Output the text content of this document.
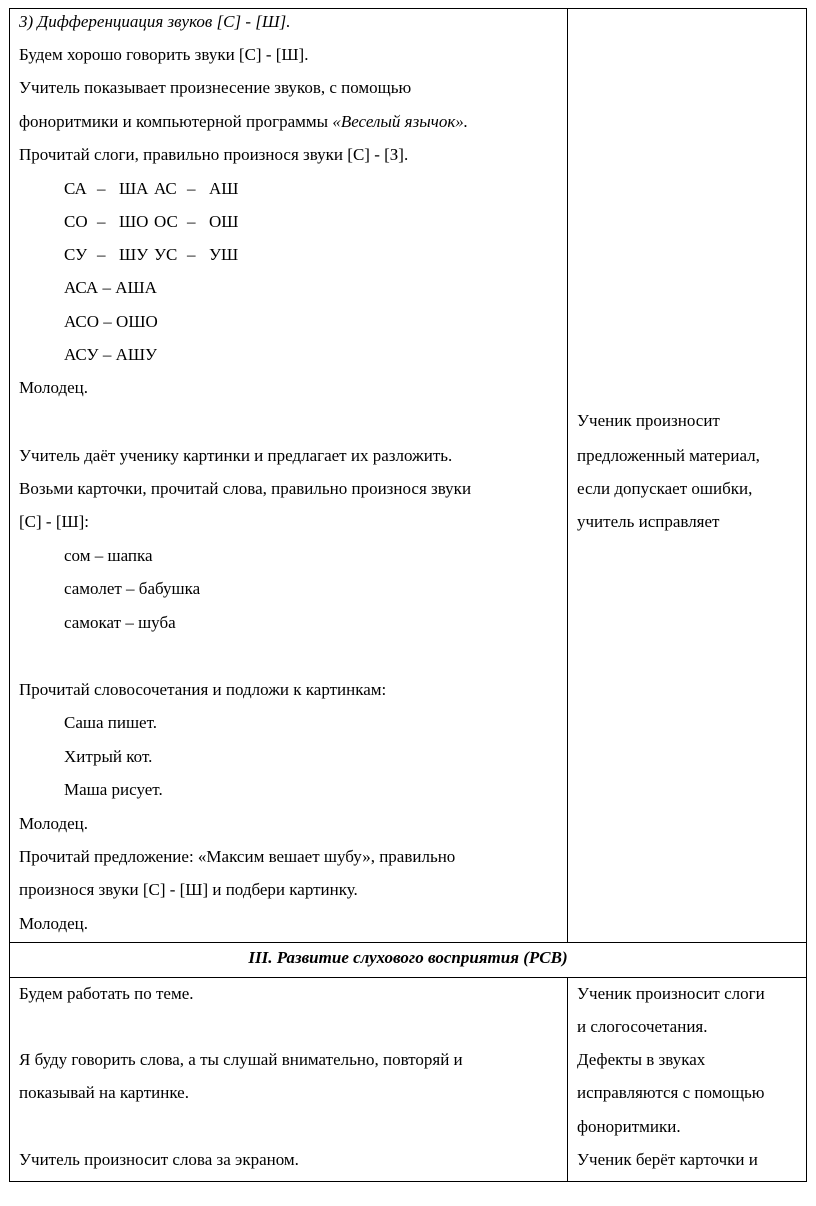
3) Дифференциация звуков [С] - [Ш].
Будем хорошо говорить звуки [С] - [Ш].
Учитель показывает произнесение звуков, с помощью
фоноритмики и компьютерной программы «Веселый язычок».
Прочитай слоги, правильно произнося звуки [С] - [З].
СА – ША АС – АШ
СО – ШО ОС – ОШ
СУ – ШУ УС – УШ
АСА – АША
АСО – ОШО
АСУ – АШУ
Молодец.
Учитель даёт ученику картинки и предлагает их разложить.
Возьми карточки, прочитай слова, правильно произнося звуки
[С] - [Ш]:
сом – шапка
самолет – бабушка
самокат – шуба
Прочитай словосочетания и подложи к картинкам:
Саша пишет.
Хитрый кот.
Маша рисует.
Молодец.
Прочитай предложение: «Максим вешает шубу», правильно
произнося звуки [С] - [Ш] и подбери картинку.
Молодец.
Ученик произносит
предложенный материал,
если допускает ошибки,
учитель исправляет
III. Развитие слухового восприятия (РСВ)
Будем работать по теме.
Я буду говорить слова, а ты слушай внимательно, повторяй и
показывай на картинке.
Учитель произносит слова за экраном.
Ученик произносит слоги
и слогосочетания.
Дефекты в звуках
исправляются с помощью
фоноритмики.
Ученик берёт карточки и
